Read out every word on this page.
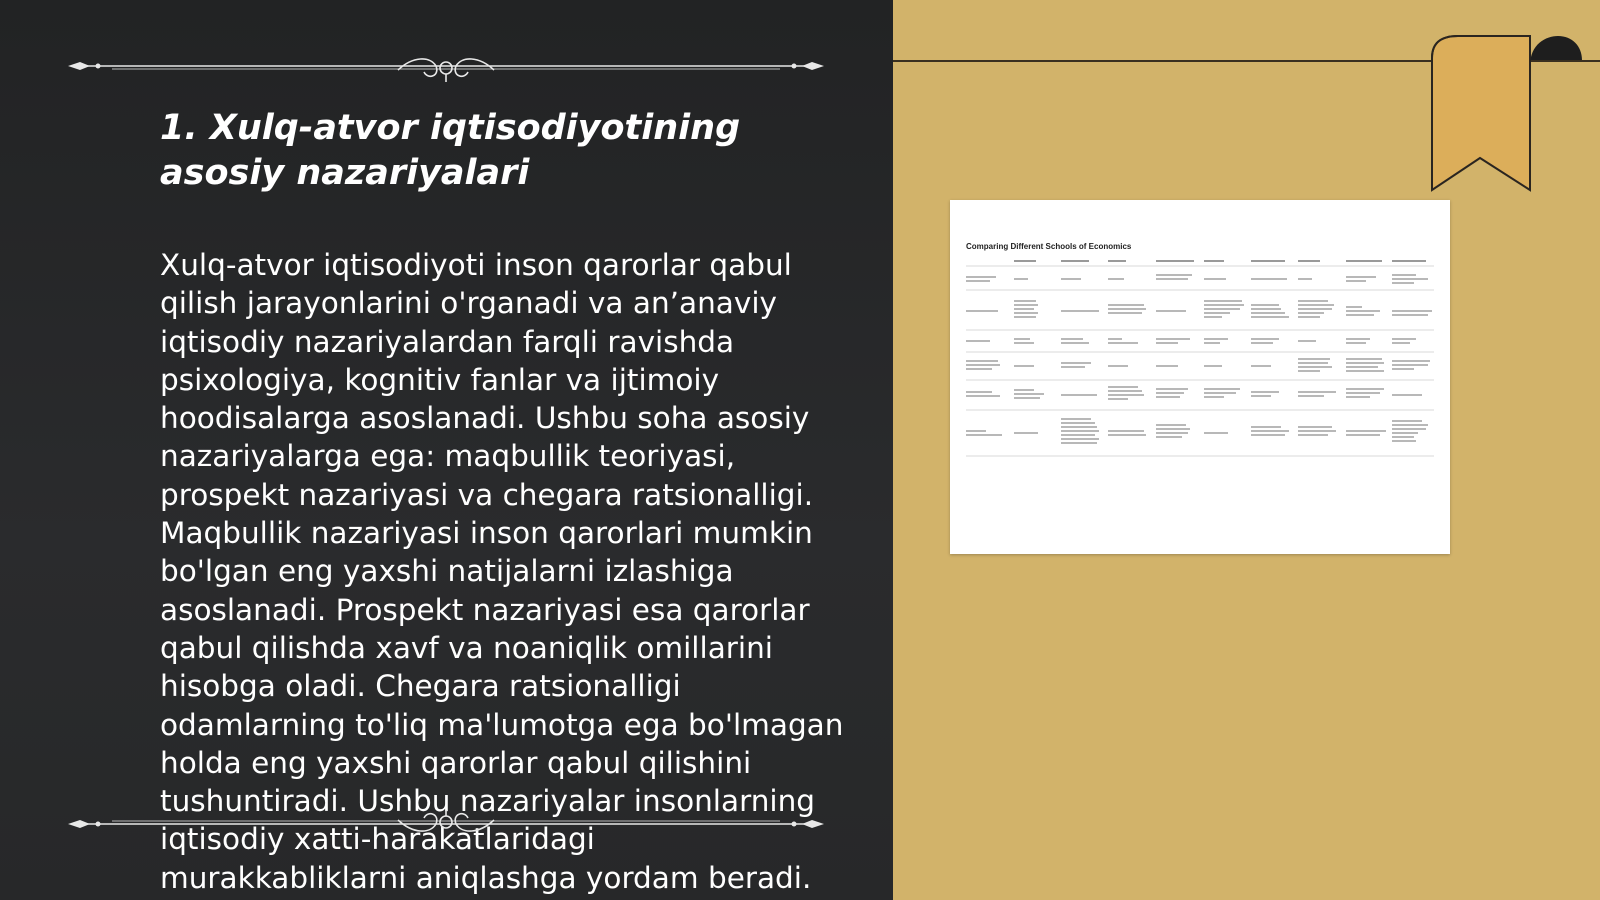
1. Xulq-atvor iqtisodiyotining asosiy nazariyalari

Xulq-atvor iqtisodiyoti inson qarorlar qabul qilish jarayonlarini o'rganadi va an’anaviy iqtisodiy nazariyalardan farqli ravishda psixologiya, kognitiv fanlar va ijtimoiy hoodisalarga asoslanadi. Ushbu soha asosiy nazariyalarga ega: maqbullik teoriyasi, prospekt nazariyasi va chegara ratsionalligi. Maqbullik nazariyasi inson qarorlari mumkin bo'lgan eng yaxshi natijalarni izlashiga asoslanadi. Prospekt nazariyasi esa qarorlar qabul qilishda xavf va noaniqlik omillarini hisobga oladi. Chegara ratsionalligi odamlarning to'liq ma'lumotga ega bo'lmagan holda eng yaxshi qarorlar qabul qilishini tushuntiradi. Ushbu nazariyalar insonlarning iqtisodiy xatti-harakatlaridagi murakkabliklarni aniqlashga yordam beradi.

Comparing Different Schools of Economics
